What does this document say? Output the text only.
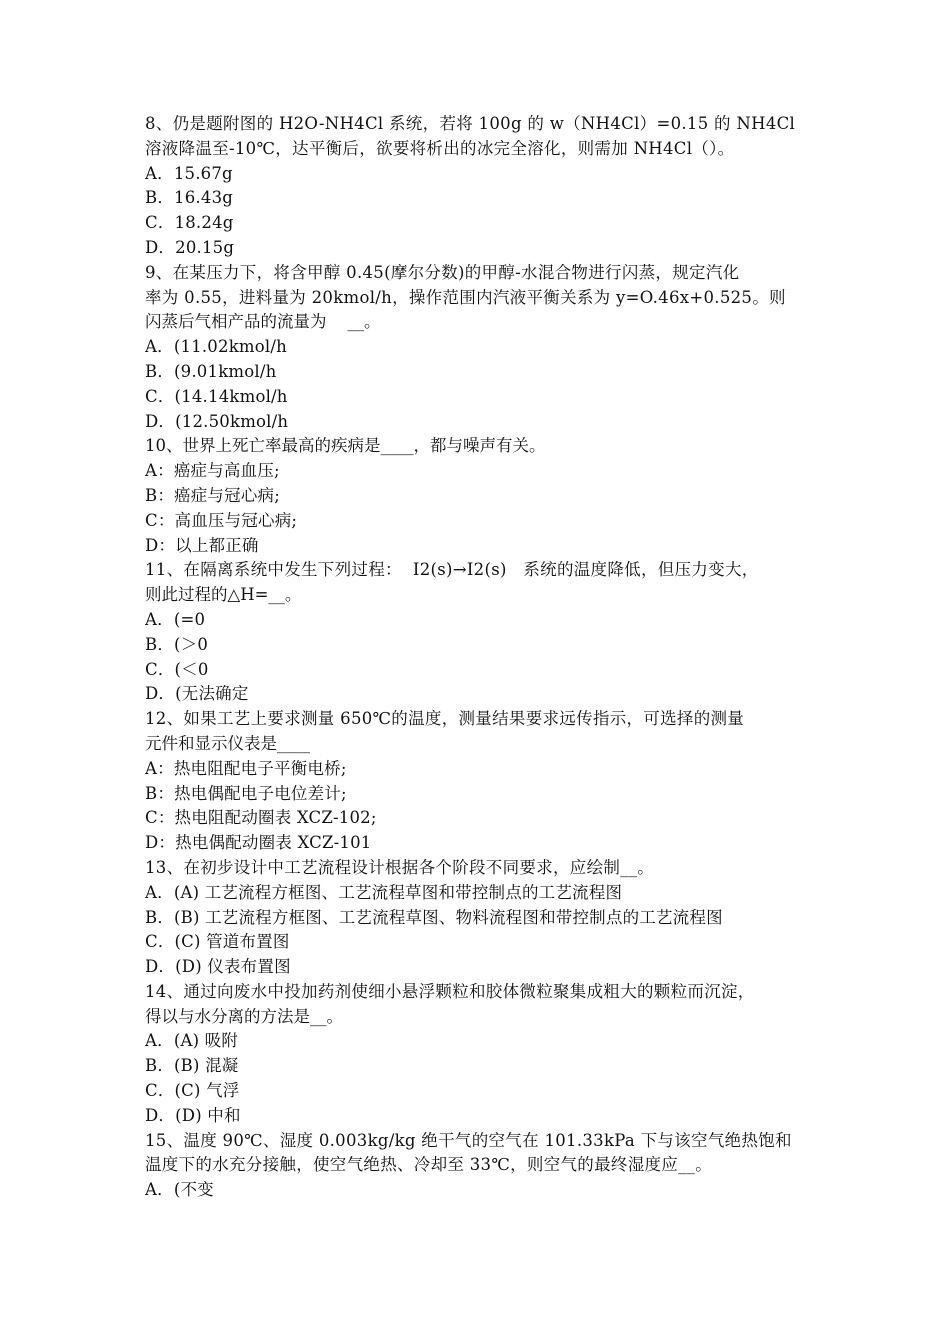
8、仍是题附图的 H2O-NH4Cl 系统，若将 100g 的 w（NH4Cl）=0.15 的 NH4Cl
溶液降温至-10℃，达平衡后，欲要将析出的冰完全溶化，则需加 NH4Cl（）。
A．15.67g
B．16.43g
C．18.24g
D．20.15g
9、在某压力下，将含甲醇 0.45(摩尔分数)的甲醇-水混合物进行闪蒸，规定汽化
率为 0.55，进料量为 20kmol/h，操作范围内汽液平衡关系为 y=O.46x+0.525。则
闪蒸后气相产品的流量为    __。
A．(11.02kmol/h
B．(9.01kmol/h
C．(14.14kmol/h
D．(12.50kmol/h
10、世界上死亡率最高的疾病是____，都与噪声有关。
A：癌症与高血压;
B：癌症与冠心病;
C：高血压与冠心病;
D：以上都正确
11、在隔离系统中发生下列过程：  I2(s)→I2(s)   系统的温度降低，但压力变大，
则此过程的△H=__。
A．(=0
B．(＞0
C．(＜0
D．(无法确定
12、如果工艺上要求测量 650℃的温度，测量结果要求远传指示，可选择的测量
元件和显示仪表是____
A：热电阻配电子平衡电桥;
B：热电偶配电子电位差计;
C：热电阻配动圈表 XCZ-102;
D：热电偶配动圈表 XCZ-101
13、在初步设计中工艺流程设计根据各个阶段不同要求，应绘制__。
A．(A) 工艺流程方框图、工艺流程草图和带控制点的工艺流程图
B．(B) 工艺流程方框图、工艺流程草图、物料流程图和带控制点的工艺流程图
C．(C) 管道布置图
D．(D) 仪表布置图
14、通过向废水中投加药剂使细小悬浮颗粒和胶体微粒聚集成粗大的颗粒而沉淀，
得以与水分离的方法是__。
A．(A) 吸附
B．(B) 混凝
C．(C) 气浮
D．(D) 中和
15、温度 90℃、湿度 0.003kg/kg 绝干气的空气在 101.33kPa 下与该空气绝热饱和
温度下的水充分接触，使空气绝热、冷却至 33℃，则空气的最终湿度应__。
A．(不变
